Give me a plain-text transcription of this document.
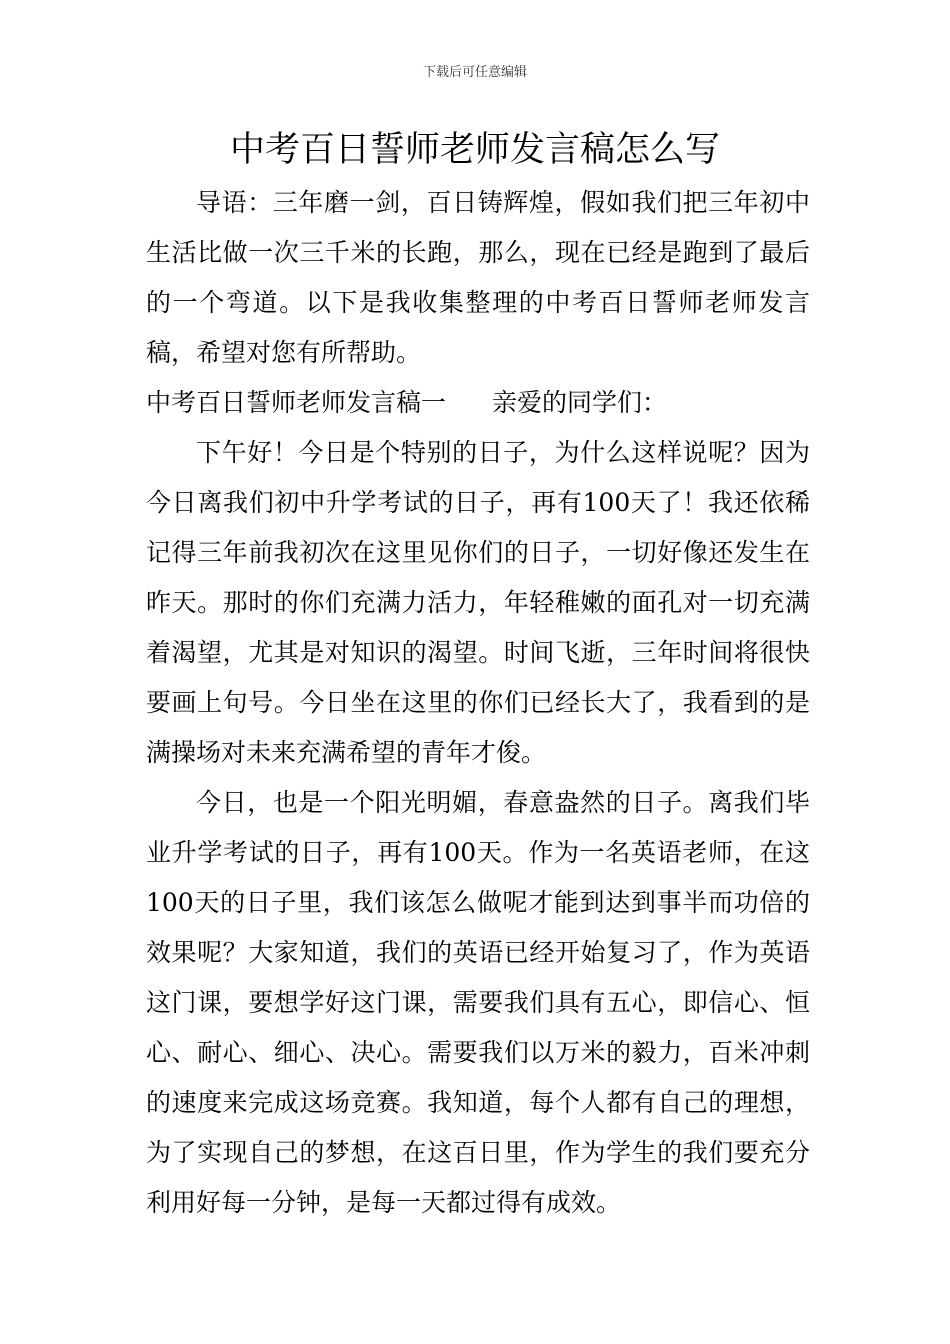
下载后可任意编辑
中考百日誓师老师发言稿怎么写

导语：三年磨一剑，百日铸辉煌，假如我们把三年初中生活比做一次三千米的长跑，那么，现在已经是跑到了最后的一个弯道。以下是我收集整理的中考百日誓师老师发言稿，希望对您有所帮助。

中考百日誓师老师发言稿一 亲爱的同学们：

下午好！今日是个特别的日子，为什么这样说呢？因为今日离我们初中升学考试的日子，再有100天了！我还依稀记得三年前我初次在这里见你们的日子，一切好像还发生在昨天。那时的你们充满力活力，年轻稚嫩的面孔对一切充满着渴望，尤其是对知识的渴望。时间飞逝，三年时间将很快要画上句号。今日坐在这里的你们已经长大了，我看到的是满操场对未来充满希望的青年才俊。

今日，也是一个阳光明媚，春意盎然的日子。离我们毕业升学考试的日子，再有100天。作为一名英语老师，在这100天的日子里，我们该怎么做呢才能到达到事半而功倍的效果呢？大家知道，我们的英语已经开始复习了，作为英语这门课，要想学好这门课，需要我们具有五心，即信心、恒心、耐心、细心、决心。需要我们以万米的毅力，百米冲刺的速度来完成这场竞赛。我知道，每个人都有自己的理想，为了实现自己的梦想，在这百日里，作为学生的我们要充分利用好每一分钟，是每一天都过得有成效。
